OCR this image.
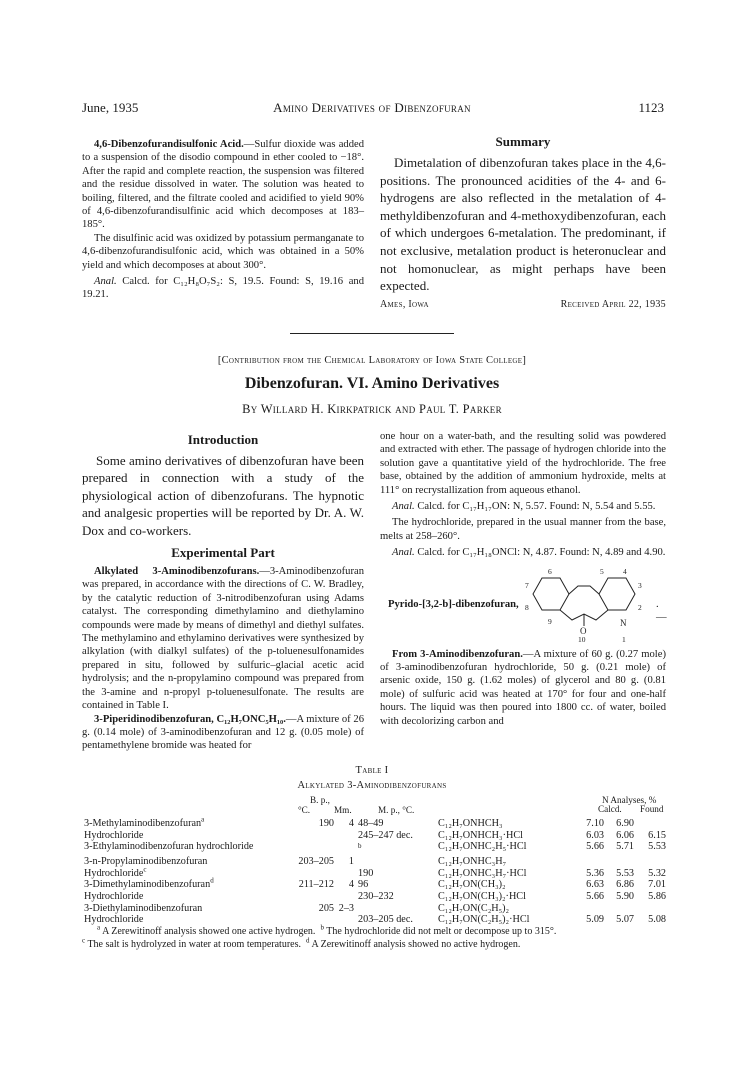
June, 1935	Amino Derivatives of Dibenzofuran	1123

4,6-Dibenzofurandisulfonic Acid.—Sulfur dioxide was added to a suspension of the disodio compound in ether cooled to −18°. After the rapid and complete reaction, the suspension was filtered and the residue dissolved in water. The solution was heated to boiling, filtered, and the filtrate cooled and acidified to yield 90% of 4,6-dibenzofurandisulfinic acid which decomposes at 183–185°.

The disulfinic acid was oxidized by potassium permanganate to 4,6-dibenzofurandisulfonic acid, which was obtained in a 50% yield and which decomposes at about 300°.

Anal. Calcd. for C₁₂H₈O₇S₂: S, 19.5. Found: S, 19.16 and 19.21.

Summary
Dimetalation of dibenzofuran takes place in the 4,6-positions. The pronounced acidities of the 4- and 6-hydrogens are also reflected in the metalation of 4-methyldibenzofuran and 4-methoxydibenzofuran, each of which undergoes 6-metalation. The predominant, if not exclusive, metalation product is heteronuclear and not homonuclear, as might perhaps have been expected.
Ames, Iowa	Received April 22, 1935
[Contribution from the Chemical Laboratory of Iowa State College]
Dibenzofuran. VI. Amino Derivatives
By Willard H. Kirkpatrick and Paul T. Parker
Introduction
Some amino derivatives of dibenzofuran have been prepared in connection with a study of the physiological action of dibenzofurans. The hypnotic and analgesic properties will be reported by Dr. A. W. Dox and co-workers.
Experimental Part

Alkylated 3-Aminodibenzofurans.—3-Aminodibenzofuran was prepared, in accordance with the directions of C. W. Bradley, by the catalytic reduction of 3-nitrodibenzofuran using Adams catalyst. The corresponding dimethylamino and diethylamino compounds were made by means of dimethyl and diethyl sulfates. The methylamino and ethylamino derivatives were synthesized by alkylation (with dialkyl sulfates) of the p-toluenesulfonamides prepared in situ, followed by sulfuric–glacial acetic acid hydrolysis; and the n-propylamino compound was prepared from the 3-amine and n-propyl p-toluenesulfonate. The results are contained in Table I.

3-Piperidinodibenzofuran, C₁₂H₇ONC₅H₁₀.—A mixture of 26 g. (0.14 mole) of 3-aminodibenzofuran and 12 g. (0.05 mole) of pentamethylene bromide was heated for

one hour on a water-bath, and the resulting solid was powdered and extracted with ether. The passage of hydrogen chloride into the solution gave a quantitative yield of the hydrochloride. The free base, obtained by the addition of ammonium hydroxide, melts at 111° on recrystallization from aqueous ethanol.

Anal. Calcd. for C₁₇H₁₇ON: N, 5.57. Found: N, 5.54 and 5.55.

The hydrochloride, prepared in the usual manner from the base, melts at 258–260°.

Anal. Calcd. for C₁₇H₁₈ONCl: N, 4.87. Found: N, 4.89 and 4.90.

Pyrido-[3,2-b]-dibenzofuran,
6	5	4
7	3
8	2
9
O
N
10	1
.—

From 3-Aminodibenzofuran.—A mixture of 60 g. (0.27 mole) of 3-aminodibenzofuran hydrochloride, 50 g. (0.21 mole) of arsenic oxide, 150 g. (1.62 moles) of glycerol and 80 g. (0.81 mole) of sulfuric acid was heated at 170° for four and one-half hours. The liquid was then poured into 1800 cc. of water, boiled with decolorizing carbon and

Table I
Alkylated 3-Aminodibenzofurans
B. p.,
°C.	Mm.	M. p., °C.
N Analyses, %
Calcd. Found
3-Methylaminodibenzofuran$^a$	190	4	48–49	C₁₂H₇ONHCH₃	7.10	6.90	
Hydrochloride			245–247 dec.	C₁₂H₇ONHCH₃·HCl	6.03	6.06	6.15
3-Ethylaminodibenzofuran hydrochloride			$^b$	C₁₂H₇ONHC₂H₅·HCl	5.66	5.71	5.53
3-n-Propylaminodibenzofuran	203–205	1		C₁₂H₇ONHC₃H₇			
Hydrochloride$^c$			190	C₁₂H₇ONHC₃H₇·HCl	5.36	5.53	5.32
3-Dimethylaminodibenzofuran$^d$	211–212	4	96	C₁₂H₇ON(CH₃)₂	6.63	6.86	7.01
Hydrochloride			230–232	C₁₂H₇ON(CH₃)₂·HCl	5.66	5.90	5.86
3-Diethylaminodibenzofuran	205	2–3		C₁₂H₇ON(C₂H₅)₂			
Hydrochloride			203–205 dec.	C₁₂H₇ON(C₂H₅)₂·HCl	5.09	5.07	5.08
$^a$ A Zerewitinoff analysis showed one active hydrogen. $^b$ The hydrochloride did not melt or decompose up to 315°.
$^c$ The salt is hydrolyzed in water at room temperatures. $^d$ A Zerewitinoff analysis showed no active hydrogen.
